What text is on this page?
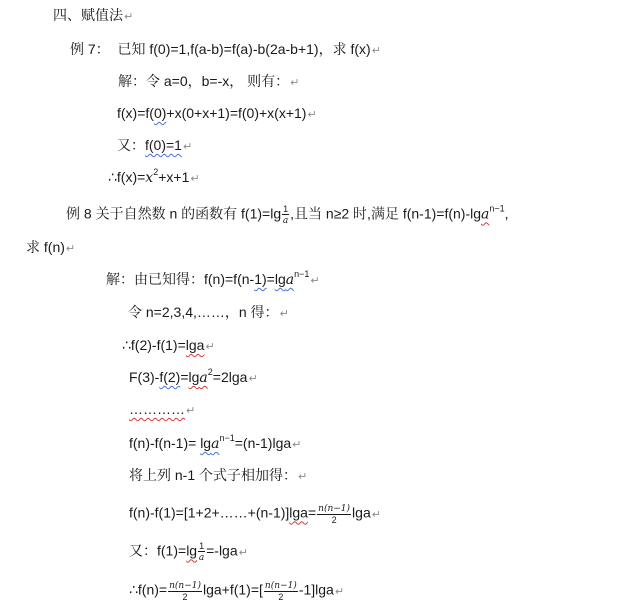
四、赋值法↵
例 7： 已知 f(0)=1,f(a-b)=f(a)-b(2a-b+1)，求 f(x)↵
解：令 a=0，b=-x， 则有：↵
f(x)=f(0)+x(0+x+1)=f(0)+x(x+1)↵
又：f(0)=1↵
$\therefore f(x)=x^2+x+1↵$
例 8 关于自然数 n 的函数有 $f(1)=\lg \frac{1}{a}$ ,且当 n≥2 时,满足 f(n-1)=f(n)-lga$^{n-1}$,
求 f(n)↵
解：由已知得：f(n)=f(n-1)=lga$^{n-1}$↵
令 n=2,3,4,……，n 得：↵
∴f(2)-f(1)=lga↵
F(3)-f(2)=lga$^2$=2lga↵
…………↵
f(n)-f(n-1)= lga$^{n-1}$=(n-1)lga↵
将上列 n-1 个式子相加得：↵
f(n)-f(1)=[1+2+……+(n-1)]lga= $\frac{n(n-1)}{2}$ lga↵
又：$f(1)=\lg \frac{1}{a}$ =-lga↵
∴f(n)= $\frac{n(n-1)}{2} \lg a+f(1)=[ \frac{n(n-1)}{2}$ -1]lga↵
